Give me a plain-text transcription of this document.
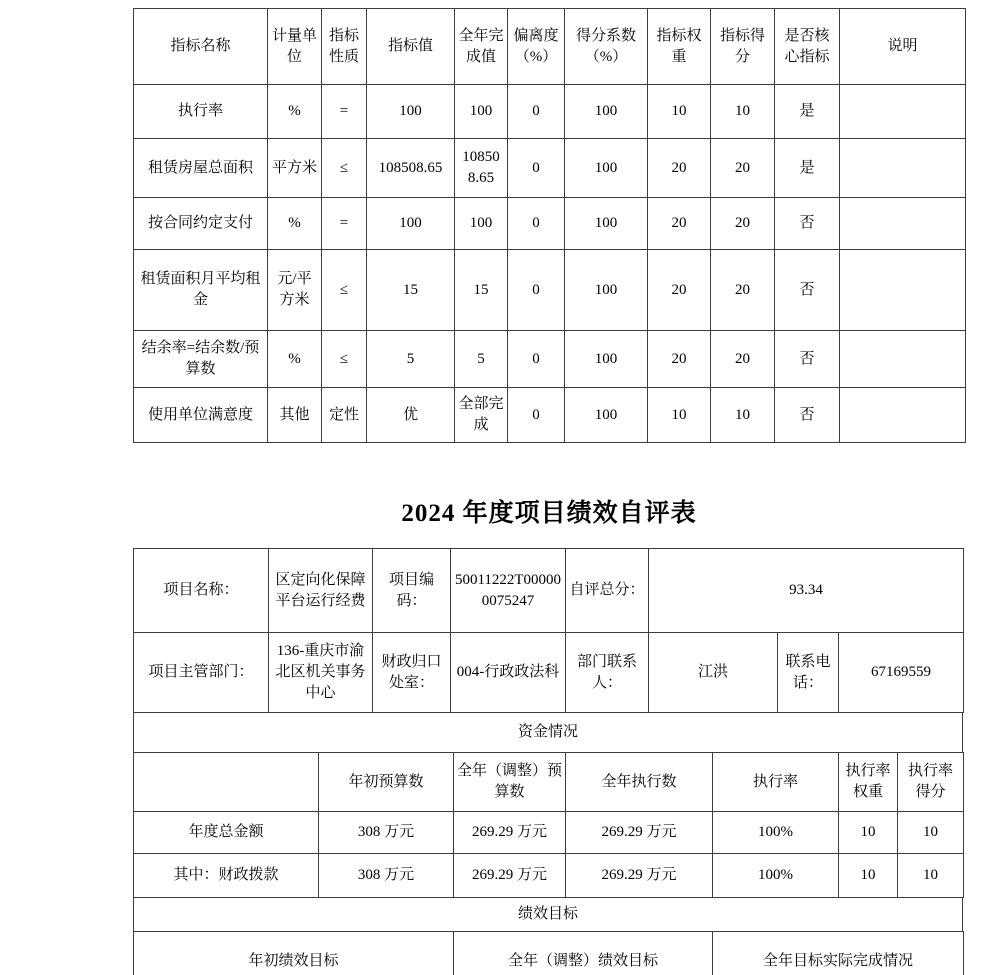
指标名称	计量单位	指标性质	指标值	全年完成值	偏离度（%）	得分系数（%）	指标权重	指标得分	是否核心指标	说明
执行率	%	=	100	100	0	100	10	10	是	
租赁房屋总面积	平方米	≤	108508.65	108508.65	0	100	20	20	是	
按合同约定支付	%	=	100	100	0	100	20	20	否	
租赁面积月平均租金	元/平方米	≤	15	15	0	100	20	20	否	
结余率=结余数/预算数	%	≤	5	5	0	100	20	20	否	
使用单位满意度	其他	定性	优	全部完成	0	100	10	10	否	
2024 年度项目绩效自评表
项目名称：	区定向化保障平台运行经费	项目编码：	50011222T000000075247	自评总分：	93.34		
项目主管部门：	136-重庆市渝北区机关事务中心	财政归口处室：	004-行政政法科	部门联系人：	江洪	联系电话：	67169559
资金情况
	年初预算数	全年（调整）预算数	全年执行数	执行率	执行率权重	执行率得分
年度总金额	308 万元	269.29 万元	269.29 万元	100%	10	10
其中：财政拨款	308 万元	269.29 万元	269.29 万元	100%	10	10
绩效目标
年初绩效目标	全年（调整）绩效目标	全年目标实际完成情况
